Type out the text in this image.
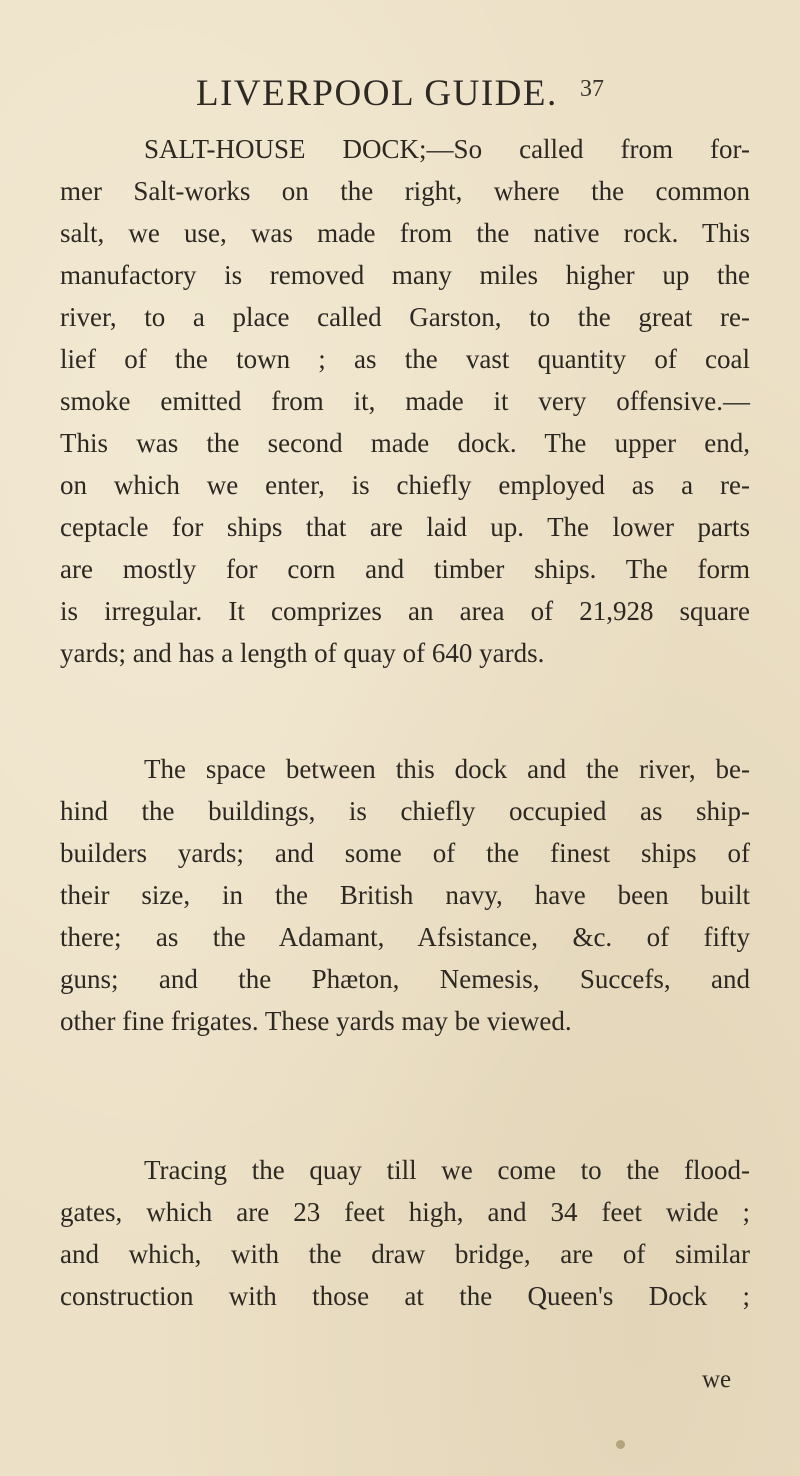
LIVERPOOL GUIDE. 37
SALT-HOUSE DOCK;—So called from for-
mer Salt-works on the right, where the common
salt, we use, was made from the native rock. This
manufactory is removed many miles higher up the
river, to a place called Garston, to the great re-
lief of the town ; as the vast quantity of coal
smoke emitted from it, made it very offensive.—
This was the second made dock. The upper end,
on which we enter, is chiefly employed as a re-
ceptacle for ships that are laid up. The lower parts
are mostly for corn and timber ships. The form
is irregular. It comprizes an area of 21,928 square
yards; and has a length of quay of 640 yards.
The space between this dock and the river, be-
hind the buildings, is chiefly occupied as ship-
builders yards; and some of the finest ships of
their size, in the British navy, have been built
there; as the Adamant, Afsistance, &c. of fifty
guns; and the Phæton, Nemesis, Succefs, and
other fine frigates. These yards may be viewed.
Tracing the quay till we come to the flood-
gates, which are 23 feet high, and 34 feet wide ;
and which, with the draw bridge, are of similar
construction with those at the Queen's Dock ;
we
